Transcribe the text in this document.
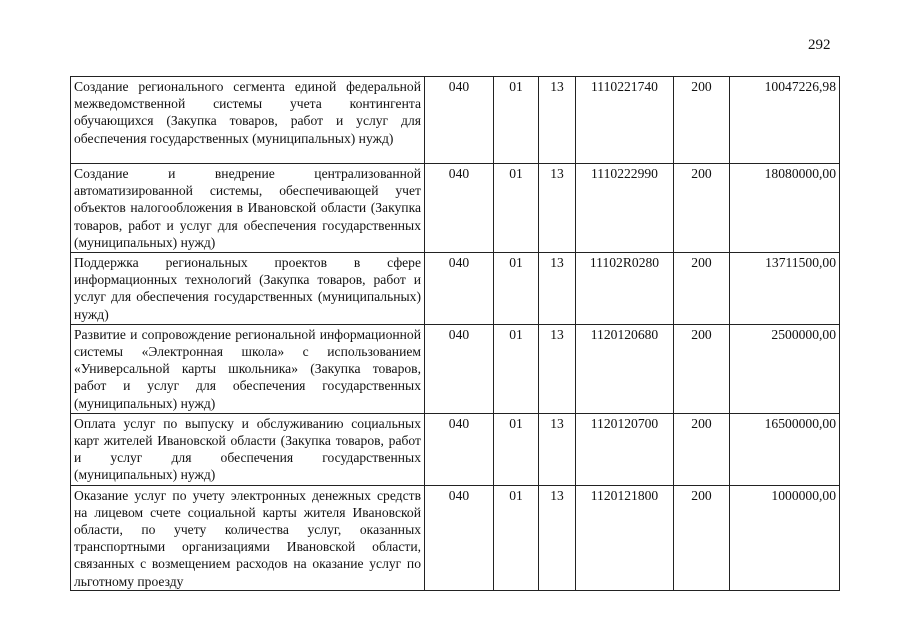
292
Создание регионального сегмента единой федеральной межведомственной системы учета контингента обучающихся (Закупка товаров, работ и услуг для обеспечения государственных (муниципальных) нужд)	040	01	13	1110221740	200	10047226,98
Создание и внедрение централизованной автоматизированной системы, обеспечивающей учет объектов налогообложения в Ивановской области (Закупка товаров, работ и услуг для обеспечения государственных (муниципальных) нужд)	040	01	13	1110222990	200	18080000,00
Поддержка региональных проектов в сфере информационных технологий (Закупка товаров, работ и услуг для обеспечения государственных (муниципальных) нужд)	040	01	13	11102R0280	200	13711500,00
Развитие и сопровождение региональной информационной системы «Электронная школа» с использованием «Универсальной карты школьника» (Закупка товаров, работ и услуг для обеспечения государственных (муниципальных) нужд)	040	01	13	1120120680	200	2500000,00
Оплата услуг по выпуску и обслуживанию социальных карт жителей Ивановской области (Закупка товаров, работ и услуг для обеспечения государственных (муниципальных) нужд)	040	01	13	1120120700	200	16500000,00

Оказание услуг по учету электронных денежных средств на лицевом счете социальной карты жителя Ивановской области, по учету количества услуг, оказанных транспортными организациями Ивановской области, связанных с возмещением расходов на оказание услуг по льготному проезду	040	01	13	1120121800	200	1000000,00
